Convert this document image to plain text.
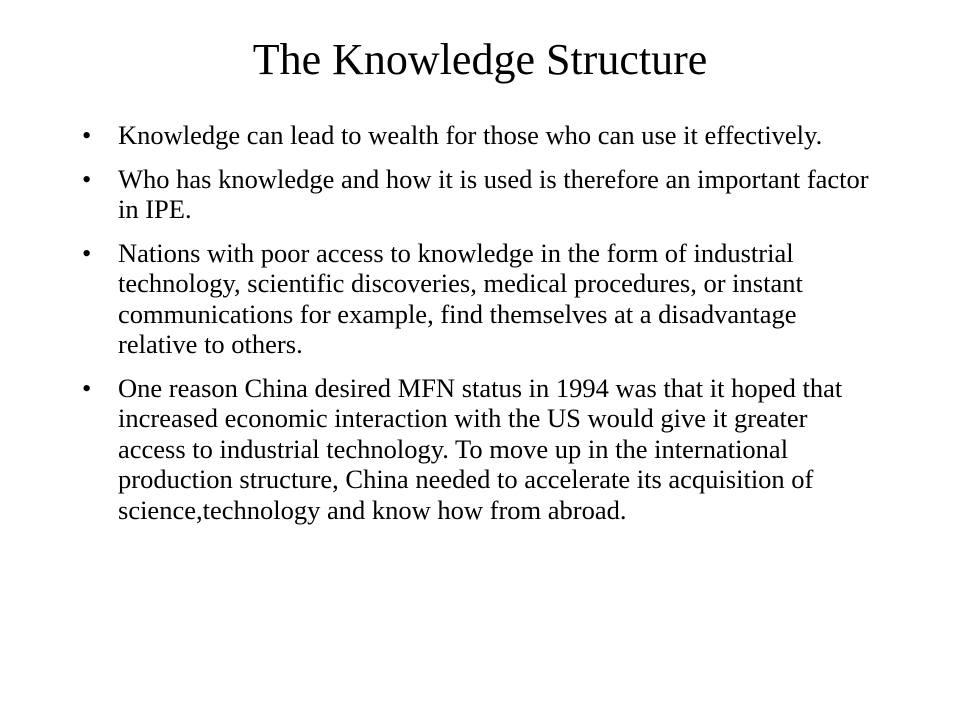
The Knowledge Structure
•	Knowledge can lead to wealth for those who can use it effectively.
•	Who has knowledge and how it is used is therefore an important factor in IPE.
•	Nations with poor access to knowledge in the form of industrial technology, scientific discoveries, medical procedures, or instant communications for example, find themselves at a disadvantage relative to others.
•	One reason China desired MFN status in 1994 was that it hoped that increased economic interaction with the US would give it greater access to industrial technology. To move up in the international production structure, China needed to accelerate its acquisition of science,technology and know how from abroad.
